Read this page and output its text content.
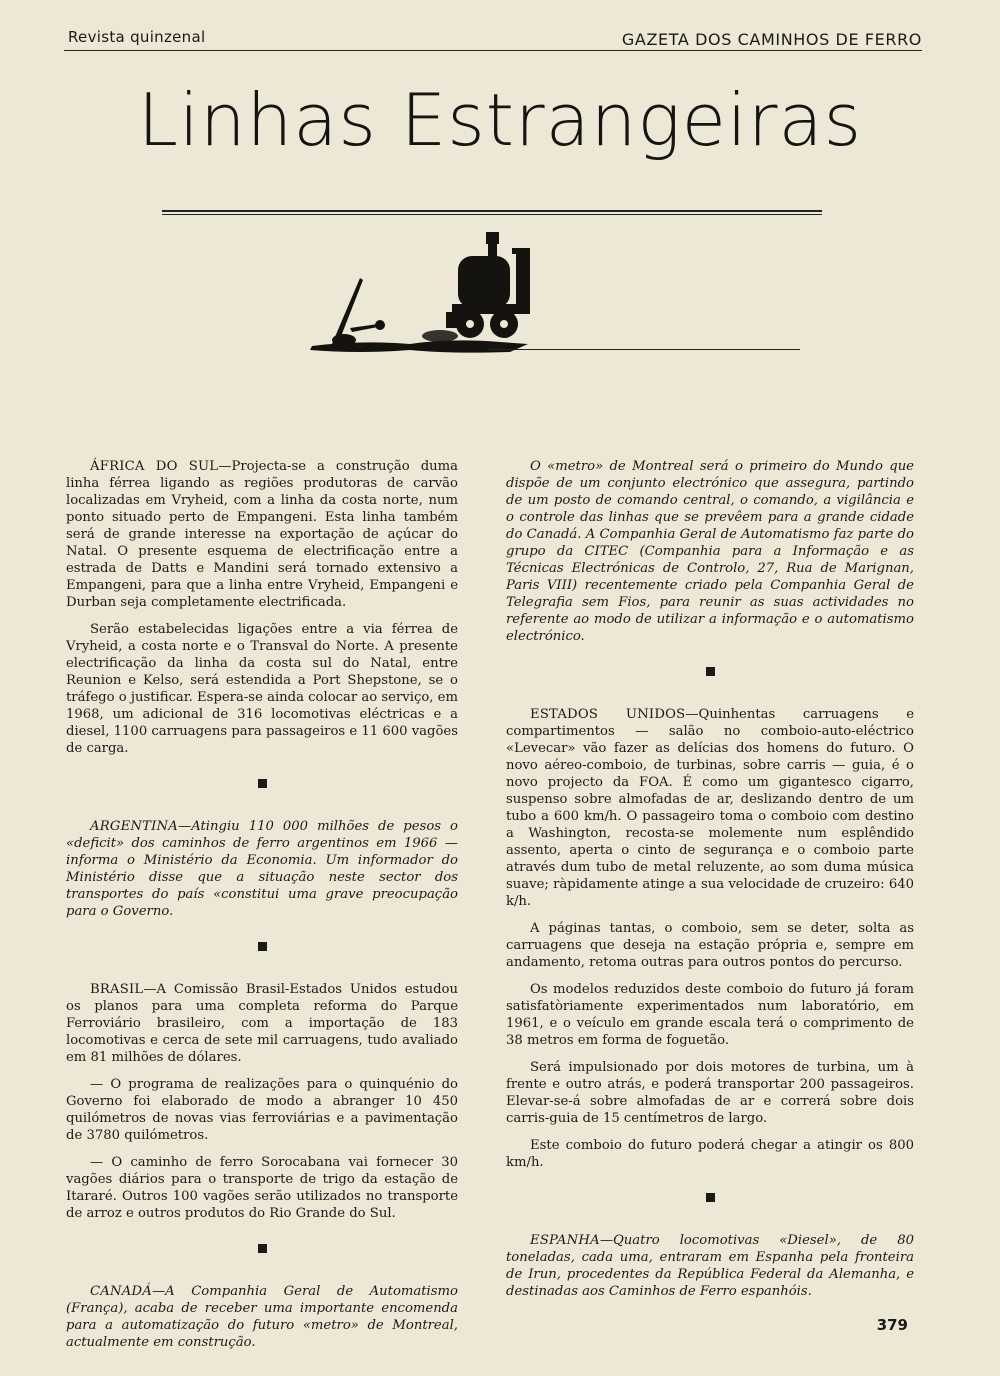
Revista quinzenal	GAZETA DOS CAMINHOS DE FERRO
Linhas Estrangeiras

ÁFRICA DO SUL—Projecta-se a construção duma linha férrea ligando as regiões produtoras de carvão localizadas em Vryheid, com a linha da costa norte, num ponto situado perto de Empangeni. Esta linha também será de grande interesse na exportação de açúcar do Natal. O presente esquema de electrificação entre a estrada de Datts e Mandini será tornado extensivo a Empangeni, para que a linha entre Vryheid, Empangeni e Durban seja completamente electrificada.

Serão estabelecidas ligações entre a via férrea de Vryheid, a costa norte e o Transval do Norte. A presente electrificação da linha da costa sul do Natal, entre Reunion e Kelso, será estendida a Port Shepstone, se o tráfego o justificar. Espera-se ainda colocar ao serviço, em 1968, um adicional de 316 locomotivas eléctricas e a diesel, 1100 carruagens para passageiros e 11 600 vagões de carga.

ARGENTINA—Atingiu 110 000 milhões de pesos o «deficit» dos caminhos de ferro argentinos em 1966 — informa o Ministério da Economia. Um informador do Ministério disse que a situação neste sector dos transportes do país «constitui uma grave preocupação para o Governo.

BRASIL—A Comissão Brasil-Estados Unidos estudou os planos para uma completa reforma do Parque Ferroviário brasileiro, com a importação de 183 locomotivas e cerca de sete mil carruagens, tudo avaliado em 81 milhões de dólares.

— O programa de realizações para o quinquénio do Governo foi elaborado de modo a abranger 10 450 quilómetros de novas vias ferroviárias e a pavimentação de 3780 quilómetros.

— O caminho de ferro Sorocabana vai fornecer 30 vagões diários para o transporte de trigo da estação de Itararé. Outros 100 vagões serão utilizados no transporte de arroz e outros produtos do Rio Grande do Sul.

CANADÁ—A Companhia Geral de Automatismo (França), acaba de receber uma importante encomenda para a automatização do futuro «metro» de Montreal, actualmente em construção.

O «metro» de Montreal será o primeiro do Mundo que dispõe de um conjunto electrónico que assegura, partindo de um posto de comando central, o comando, a vigilância e o controle das linhas que se prevêem para a grande cidade do Canadá. A Companhia Geral de Automatismo faz parte do grupo da CITEC (Companhia para a Informação e as Técnicas Electrónicas de Controlo, 27, Rua de Marignan, Paris VIII) recentemente criado pela Companhia Geral de Telegrafia sem Fios, para reunir as suas actividades no referente ao modo de utilizar a informação e o automatismo electrónico.

ESTADOS UNIDOS—Quinhentas carruagens e compartimentos — salão no comboio-auto-eléctrico «Levecar» vão fazer as delícias dos homens do futuro. O novo aéreo-comboio, de turbinas, sobre carris — guia, é o novo projecto da FOA. É como um gigantesco cigarro, suspenso sobre almofadas de ar, deslizando dentro de um tubo a 600 km/h. O passageiro toma o comboio com destino a Washington, recosta-se molemente num esplêndido assento, aperta o cinto de segurança e o comboio parte através dum tubo de metal reluzente, ao som duma música suave; ràpidamente atinge a sua velocidade de cruzeiro: 640 k/h.

A páginas tantas, o comboio, sem se deter, solta as carruagens que deseja na estação própria e, sempre em andamento, retoma outras para outros pontos do percurso.

Os modelos reduzidos deste comboio do futuro já foram satisfatòriamente experimentados num laboratório, em 1961, e o veículo em grande escala terá o comprimento de 38 metros em forma de foguetão.

Será impulsionado por dois motores de turbina, um à frente e outro atrás, e poderá transportar 200 passageiros. Elevar-se-á sobre almofadas de ar e correrá sobre dois carris-guia de 15 centímetros de largo.

Este comboio do futuro poderá chegar a atingir os 800 km/h.

ESPANHA—Quatro locomotivas «Diesel», de 80 toneladas, cada uma, entraram em Espanha pela fronteira de Irun, procedentes da República Federal da Alemanha, e destinadas aos Caminhos de Ferro espanhóis.

379
